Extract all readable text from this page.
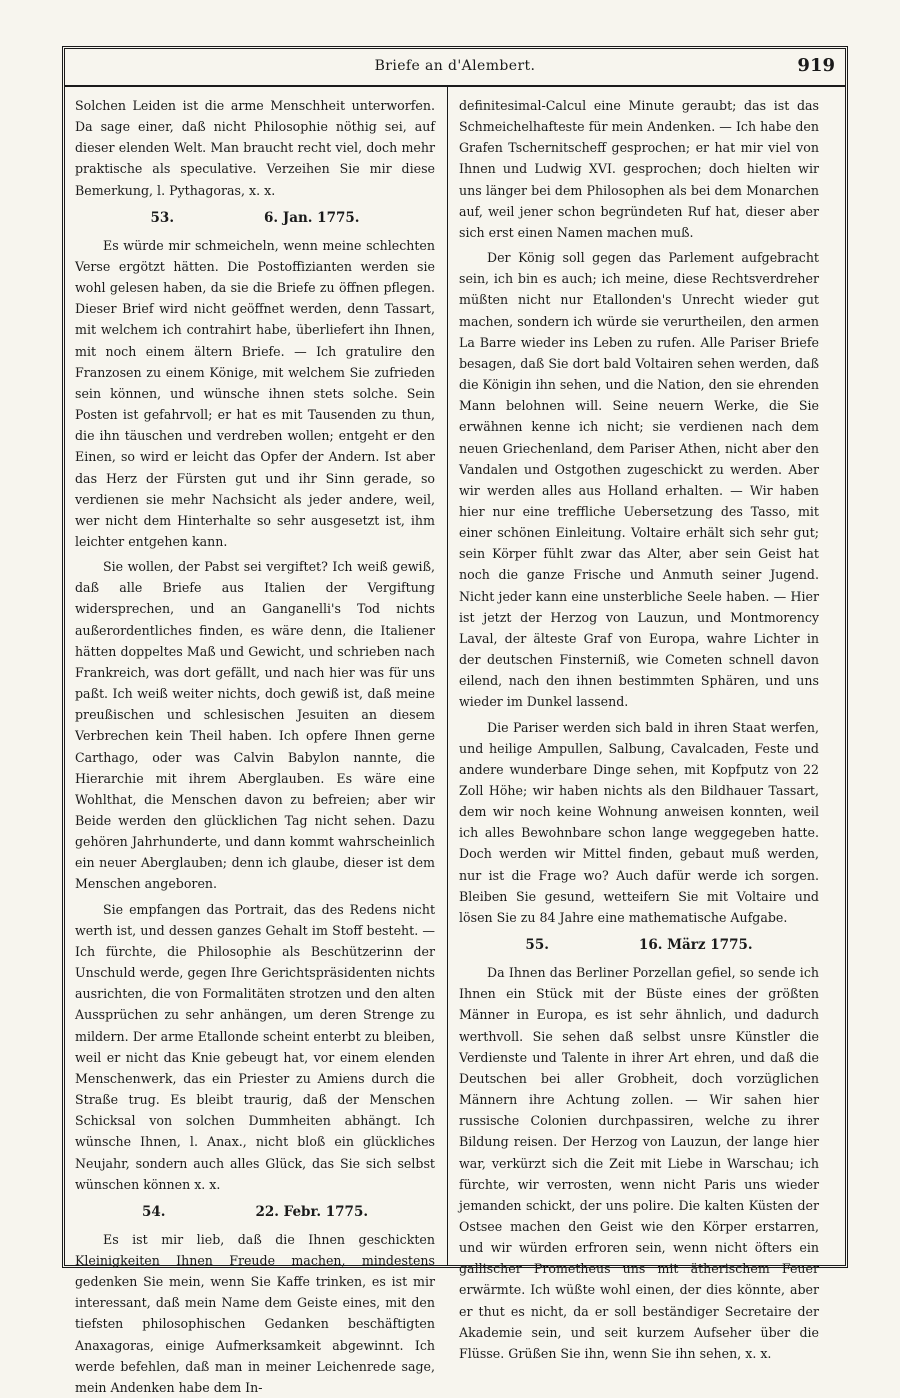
Briefe an d'Alembert.	919

Solchen Leiden ist die arme Menschheit unterworfen. Da sage einer, daß nicht Philosophie nöthig sei, auf dieser elenden Welt. Man braucht recht viel, doch mehr praktische als speculative. Verzeihen Sie mir diese Bemerkung, l. Pythagoras, x. x.

53.	6. Jan. 1775.

Es würde mir schmeicheln, wenn meine schlechten Verse ergötzt hätten. Die Postoffizianten werden sie wohl gelesen haben, da sie die Briefe zu öffnen pflegen. Dieser Brief wird nicht geöffnet werden, denn Tassart, mit welchem ich contrahirt habe, überliefert ihn Ihnen, mit noch einem ältern Briefe. — Ich gratulire den Franzosen zu einem Könige, mit welchem Sie zufrieden sein können, und wünsche ihnen stets solche. Sein Posten ist gefahrvoll; er hat es mit Tausenden zu thun, die ihn täuschen und verdreben wollen; entgeht er den Einen, so wird er leicht das Opfer der Andern. Ist aber das Herz der Fürsten gut und ihr Sinn gerade, so verdienen sie mehr Nachsicht als jeder andere, weil, wer nicht dem Hinterhalte so sehr ausgesetzt ist, ihm leichter entgehen kann.

Sie wollen, der Pabst sei vergiftet? Ich weiß gewiß, daß alle Briefe aus Italien der Vergiftung widersprechen, und an Ganganelli's Tod nichts außerordentliches finden, es wäre denn, die Italiener hätten doppeltes Maß und Gewicht, und schrieben nach Frankreich, was dort gefällt, und nach hier was für uns paßt. Ich weiß weiter nichts, doch gewiß ist, daß meine preußischen und schlesischen Jesuiten an diesem Verbrechen kein Theil haben. Ich opfere Ihnen gerne Carthago, oder was Calvin Babylon nannte, die Hierarchie mit ihrem Aberglauben. Es wäre eine Wohlthat, die Menschen davon zu befreien; aber wir Beide werden den glücklichen Tag nicht sehen. Dazu gehören Jahrhunderte, und dann kommt wahrscheinlich ein neuer Aberglauben; denn ich glaube, dieser ist dem Menschen angeboren.

Sie empfangen das Portrait, das des Redens nicht werth ist, und dessen ganzes Gehalt im Stoff besteht. — Ich fürchte, die Philosophie als Beschützerinn der Unschuld werde, gegen Ihre Gerichtspräsidenten nichts ausrichten, die von Formalitäten strotzen und den alten Aussprüchen zu sehr anhängen, um deren Strenge zu mildern. Der arme Etallonde scheint enterbt zu bleiben, weil er nicht das Knie gebeugt hat, vor einem elenden Menschenwerk, das ein Priester zu Amiens durch die Straße trug. Es bleibt traurig, daß der Menschen Schicksal von solchen Dummheiten abhängt. Ich wünsche Ihnen, l. Anax., nicht bloß ein glückliches Neujahr, sondern auch alles Glück, das Sie sich selbst wünschen können x. x.

54.	22. Febr. 1775.

Es ist mir lieb, daß die Ihnen geschickten Kleinigkeiten Ihnen Freude machen, mindestens gedenken Sie mein, wenn Sie Kaffe trinken, es ist mir interessant, daß mein Name dem Geiste eines, mit den tiefsten philosophischen Gedanken beschäftigten Anaxagoras, einige Aufmerksamkeit abgewinnt. Ich werde befehlen, daß man in meiner Leichenrede sage, mein Andenken habe dem In-

definitesimal-Calcul eine Minute geraubt; das ist das Schmeichelhafteste für mein Andenken. — Ich habe den Grafen Tschernitscheff gesprochen; er hat mir viel von Ihnen und Ludwig XVI. gesprochen; doch hielten wir uns länger bei dem Philosophen als bei dem Monarchen auf, weil jener schon begründeten Ruf hat, dieser aber sich erst einen Namen machen muß.

Der König soll gegen das Parlement aufgebracht sein, ich bin es auch; ich meine, diese Rechtsverdreher müßten nicht nur Etallonden's Unrecht wieder gut machen, sondern ich würde sie verurtheilen, den armen La Barre wieder ins Leben zu rufen. Alle Pariser Briefe besagen, daß Sie dort bald Voltairen sehen werden, daß die Königin ihn sehen, und die Nation, den sie ehrenden Mann belohnen will. Seine neuern Werke, die Sie erwähnen kenne ich nicht; sie verdienen nach dem neuen Griechenland, dem Pariser Athen, nicht aber den Vandalen und Ostgothen zugeschickt zu werden. Aber wir werden alles aus Holland erhalten. — Wir haben hier nur eine treffliche Uebersetzung des Tasso, mit einer schönen Einleitung. Voltaire erhält sich sehr gut; sein Körper fühlt zwar das Alter, aber sein Geist hat noch die ganze Frische und Anmuth seiner Jugend. Nicht jeder kann eine unsterbliche Seele haben. — Hier ist jetzt der Herzog von Lauzun, und Montmorency Laval, der älteste Graf von Europa, wahre Lichter in der deutschen Finsterniß, wie Cometen schnell davon eilend, nach den ihnen bestimmten Sphären, und uns wieder im Dunkel lassend.

Die Pariser werden sich bald in ihren Staat werfen, und heilige Ampullen, Salbung, Cavalcaden, Feste und andere wunderbare Dinge sehen, mit Kopfputz von 22 Zoll Höhe; wir haben nichts als den Bildhauer Tassart, dem wir noch keine Wohnung anweisen konnten, weil ich alles Bewohnbare schon lange weggegeben hatte. Doch werden wir Mittel finden, gebaut muß werden, nur ist die Frage wo? Auch dafür werde ich sorgen. Bleiben Sie gesund, wetteifern Sie mit Voltaire und lösen Sie zu 84 Jahre eine mathematische Aufgabe.

55.	16. März 1775.

Da Ihnen das Berliner Porzellan gefiel, so sende ich Ihnen ein Stück mit der Büste eines der größten Männer in Europa, es ist sehr ähnlich, und dadurch werthvoll. Sie sehen daß selbst unsre Künstler die Verdienste und Talente in ihrer Art ehren, und daß die Deutschen bei aller Grobheit, doch vorzüglichen Männern ihre Achtung zollen. — Wir sahen hier russische Colonien durchpassiren, welche zu ihrer Bildung reisen. Der Herzog von Lauzun, der lange hier war, verkürzt sich die Zeit mit Liebe in Warschau; ich fürchte, wir verrosten, wenn nicht Paris uns wieder jemanden schickt, der uns polire. Die kalten Küsten der Ostsee machen den Geist wie den Körper erstarren, und wir würden erfroren sein, wenn nicht öfters ein gallischer Prometheus uns mit ätherischem Feuer erwärmte. Ich wüßte wohl einen, der dies könnte, aber er thut es nicht, da er soll beständiger Secretaire der Akademie sein, und seit kurzem Aufseher über die Flüsse. Grüßen Sie ihn, wenn Sie ihn sehen, x. x.
